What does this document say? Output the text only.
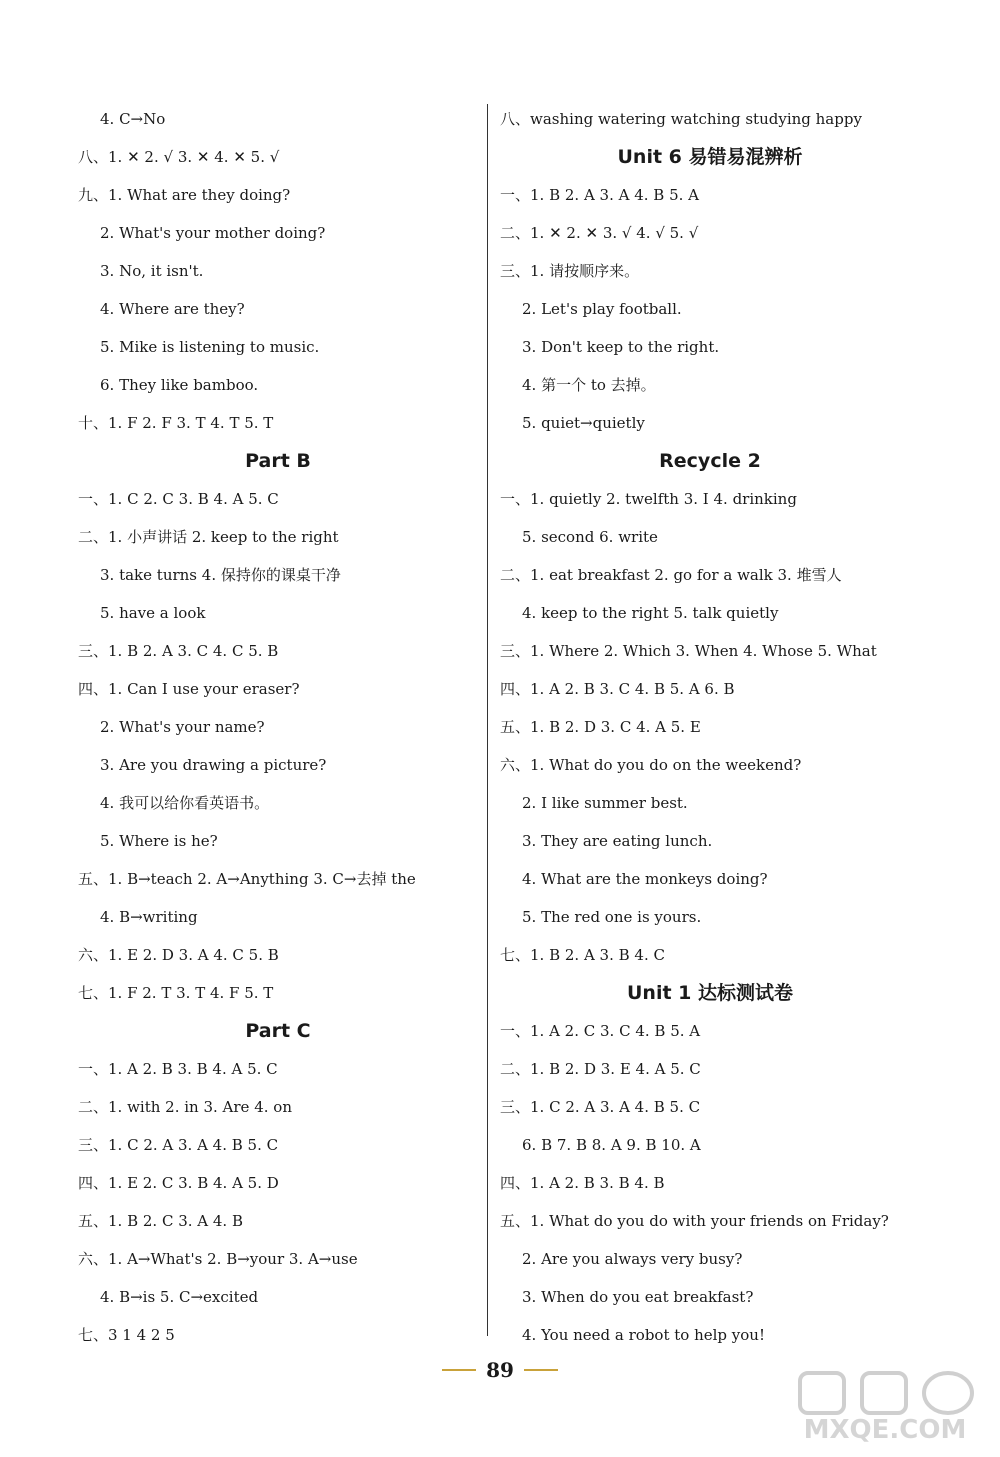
4. C→No
八、1. ✕ 2. √ 3. ✕ 4. ✕ 5. √
九、1. What are they doing?
2. What's your mother doing?
3. No, it isn't.
4. Where are they?
5. Mike is listening to music.
6. They like bamboo.
十、1. F 2. F 3. T 4. T 5. T
Part B
一、1. C 2. C 3. B 4. A 5. C
二、1. 小声讲话 2. keep to the right
3. take turns 4. 保持你的课桌干净
5. have a look
三、1. B 2. A 3. C 4. C 5. B
四、1. Can I use your eraser?
2. What's your name?
3. Are you drawing a picture?
4. 我可以给你看英语书。
5. Where is he?
五、1. B→teach 2. A→Anything 3. C→去掉 the
4. B→writing
六、1. E 2. D 3. A 4. C 5. B
七、1. F 2. T 3. T 4. F 5. T
Part C
一、1. A 2. B 3. B 4. A 5. C
二、1. with 2. in 3. Are 4. on
三、1. C 2. A 3. A 4. B 5. C
四、1. E 2. C 3. B 4. A 5. D
五、1. B 2. C 3. A 4. B
六、1. A→What's 2. B→your 3. A→use
4. B→is 5. C→excited
七、3 1 4 2 5
八、washing watering watching studying happy
Unit 6 易错易混辨析
一、1. B 2. A 3. A 4. B 5. A
二、1. ✕ 2. ✕ 3. √ 4. √ 5. √
三、1. 请按顺序来。
2. Let's play football.
3. Don't keep to the right.
4. 第一个 to 去掉。
5. quiet→quietly
Recycle 2
一、1. quietly 2. twelfth 3. I 4. drinking
5. second 6. write
二、1. eat breakfast 2. go for a walk 3. 堆雪人
4. keep to the right 5. talk quietly
三、1. Where 2. Which 3. When 4. Whose 5. What
四、1. A 2. B 3. C 4. B 5. A 6. B
五、1. B 2. D 3. C 4. A 5. E
六、1. What do you do on the weekend?
2. I like summer best.
3. They are eating lunch.
4. What are the monkeys doing?
5. The red one is yours.
七、1. B 2. A 3. B 4. C
Unit 1 达标测试卷
一、1. A 2. C 3. C 4. B 5. A
二、1. B 2. D 3. E 4. A 5. C
三、1. C 2. A 3. A 4. B 5. C
6. B 7. B 8. A 9. B 10. A
四、1. A 2. B 3. B 4. B
五、1. What do you do with your friends on Friday?
2. Are you always very busy?
3. When do you eat breakfast?
4. You need a robot to help you!
89
MXQE.COM
